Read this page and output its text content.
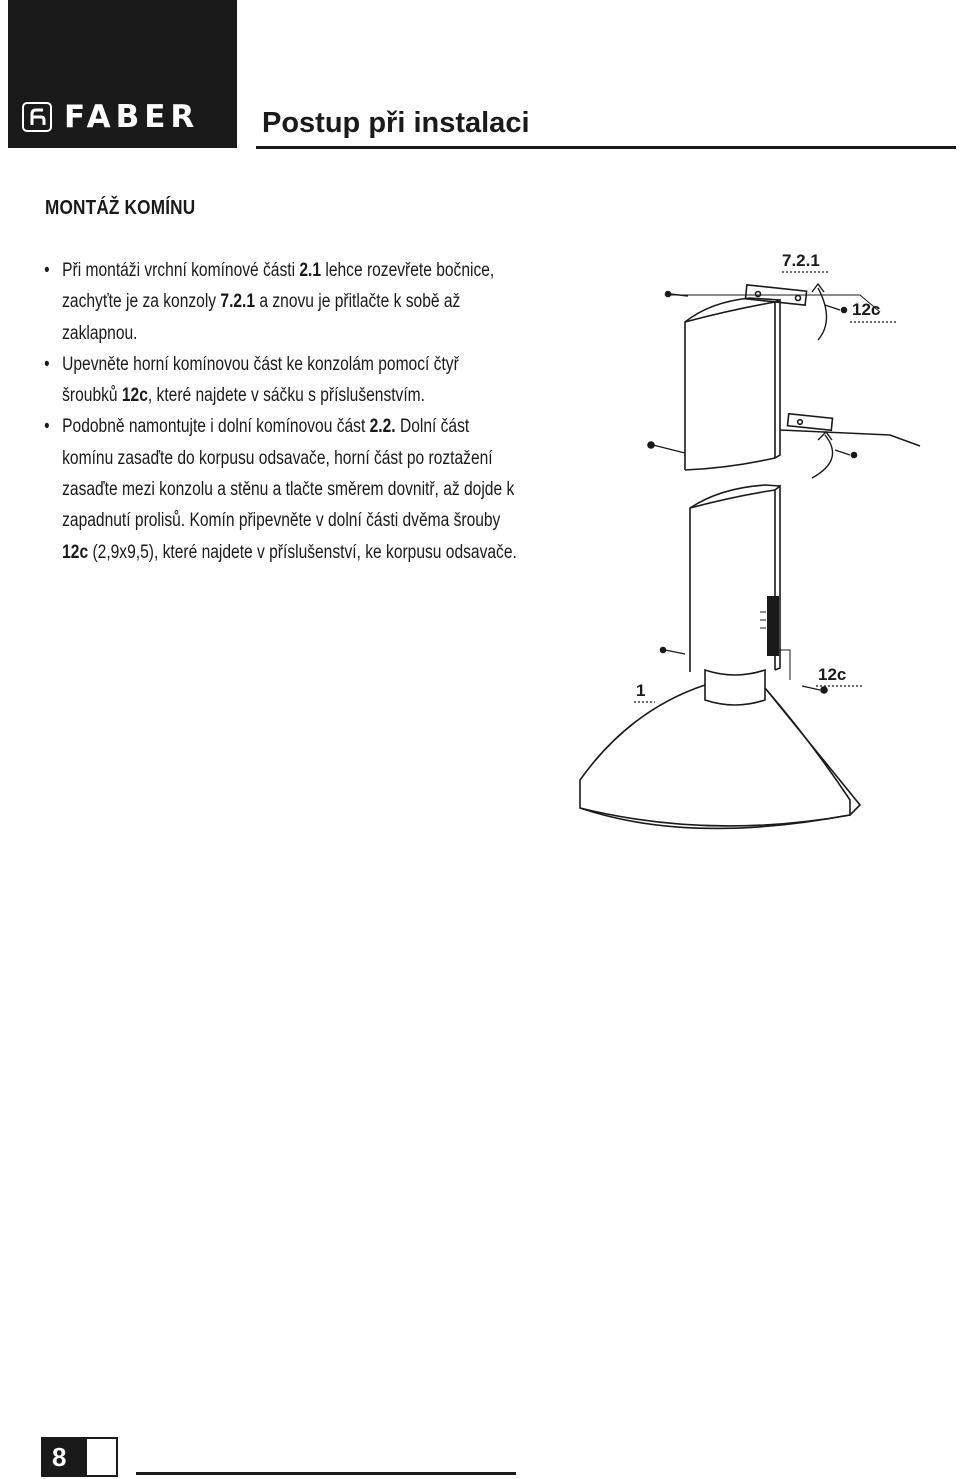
FABER Postup při instalaci
MONTÁŽ KOMÍNU

• Při montáži vrchní komínové části 2.1 lehce rozevřete bočnice, zachyťte je za konzoly 7.2.1 a znovu je přitlačte k sobě až zaklapnou.

• Upevněte horní komínovou část ke konzolám pomocí čtyř šroubků 12c, které najdete v sáčku s příslušenstvím.

• Podobně namontujte i dolní komínovou část 2.2. Dolní část komínu zasaďte do korpusu odsavače, horní část po roztažení zasaďte mezi konzolu a stěnu a tlačte směrem dovnitř, až dojde k zapadnutí prolisů. Komín připevněte v dolní části dvěma šrouby 12c (2,9x9,5), které najdete v příslušenství, ke korpusu odsavače.

7.2.1
12c
12c
1
8
